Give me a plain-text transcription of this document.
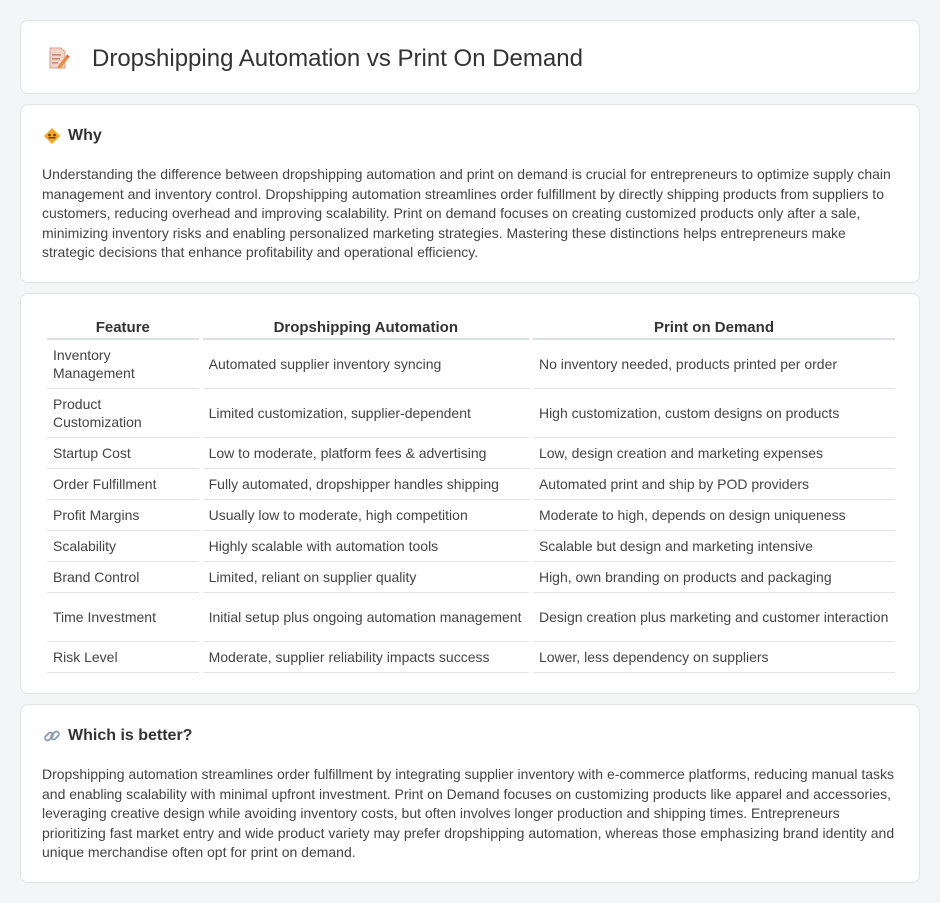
Dropshipping Automation vs Print On Demand
Why

Understanding the difference between dropshipping automation and print on demand is crucial for entrepreneurs to optimize supply chain management and inventory control. Dropshipping automation streamlines order fulfillment by directly shipping products from suppliers to customers, reducing overhead and improving scalability. Print on demand focuses on creating customized products only after a sale, minimizing inventory risks and enabling personalized marketing strategies. Mastering these distinctions helps entrepreneurs make strategic decisions that enhance profitability and operational efficiency.

Feature	Dropshipping Automation	Print on Demand
Inventory Management	Automated supplier inventory syncing	No inventory needed, products printed per order
Product Customization	Limited customization, supplier-dependent	High customization, custom designs on products
Startup Cost	Low to moderate, platform fees & advertising	Low, design creation and marketing expenses
Order Fulfillment	Fully automated, dropshipper handles shipping	Automated print and ship by POD providers
Profit Margins	Usually low to moderate, high competition	Moderate to high, depends on design uniqueness
Scalability	Highly scalable with automation tools	Scalable but design and marketing intensive
Brand Control	Limited, reliant on supplier quality	High, own branding on products and packaging
Time Investment	Initial setup plus ongoing automation management	Design creation plus marketing and customer interaction
Risk Level	Moderate, supplier reliability impacts success	Lower, less dependency on suppliers
Which is better?

Dropshipping automation streamlines order fulfillment by integrating supplier inventory with e-commerce platforms, reducing manual tasks and enabling scalability with minimal upfront investment. Print on Demand focuses on customizing products like apparel and accessories, leveraging creative design while avoiding inventory costs, but often involves longer production and shipping times. Entrepreneurs prioritizing fast market entry and wide product variety may prefer dropshipping automation, whereas those emphasizing brand identity and unique merchandise often opt for print on demand.
